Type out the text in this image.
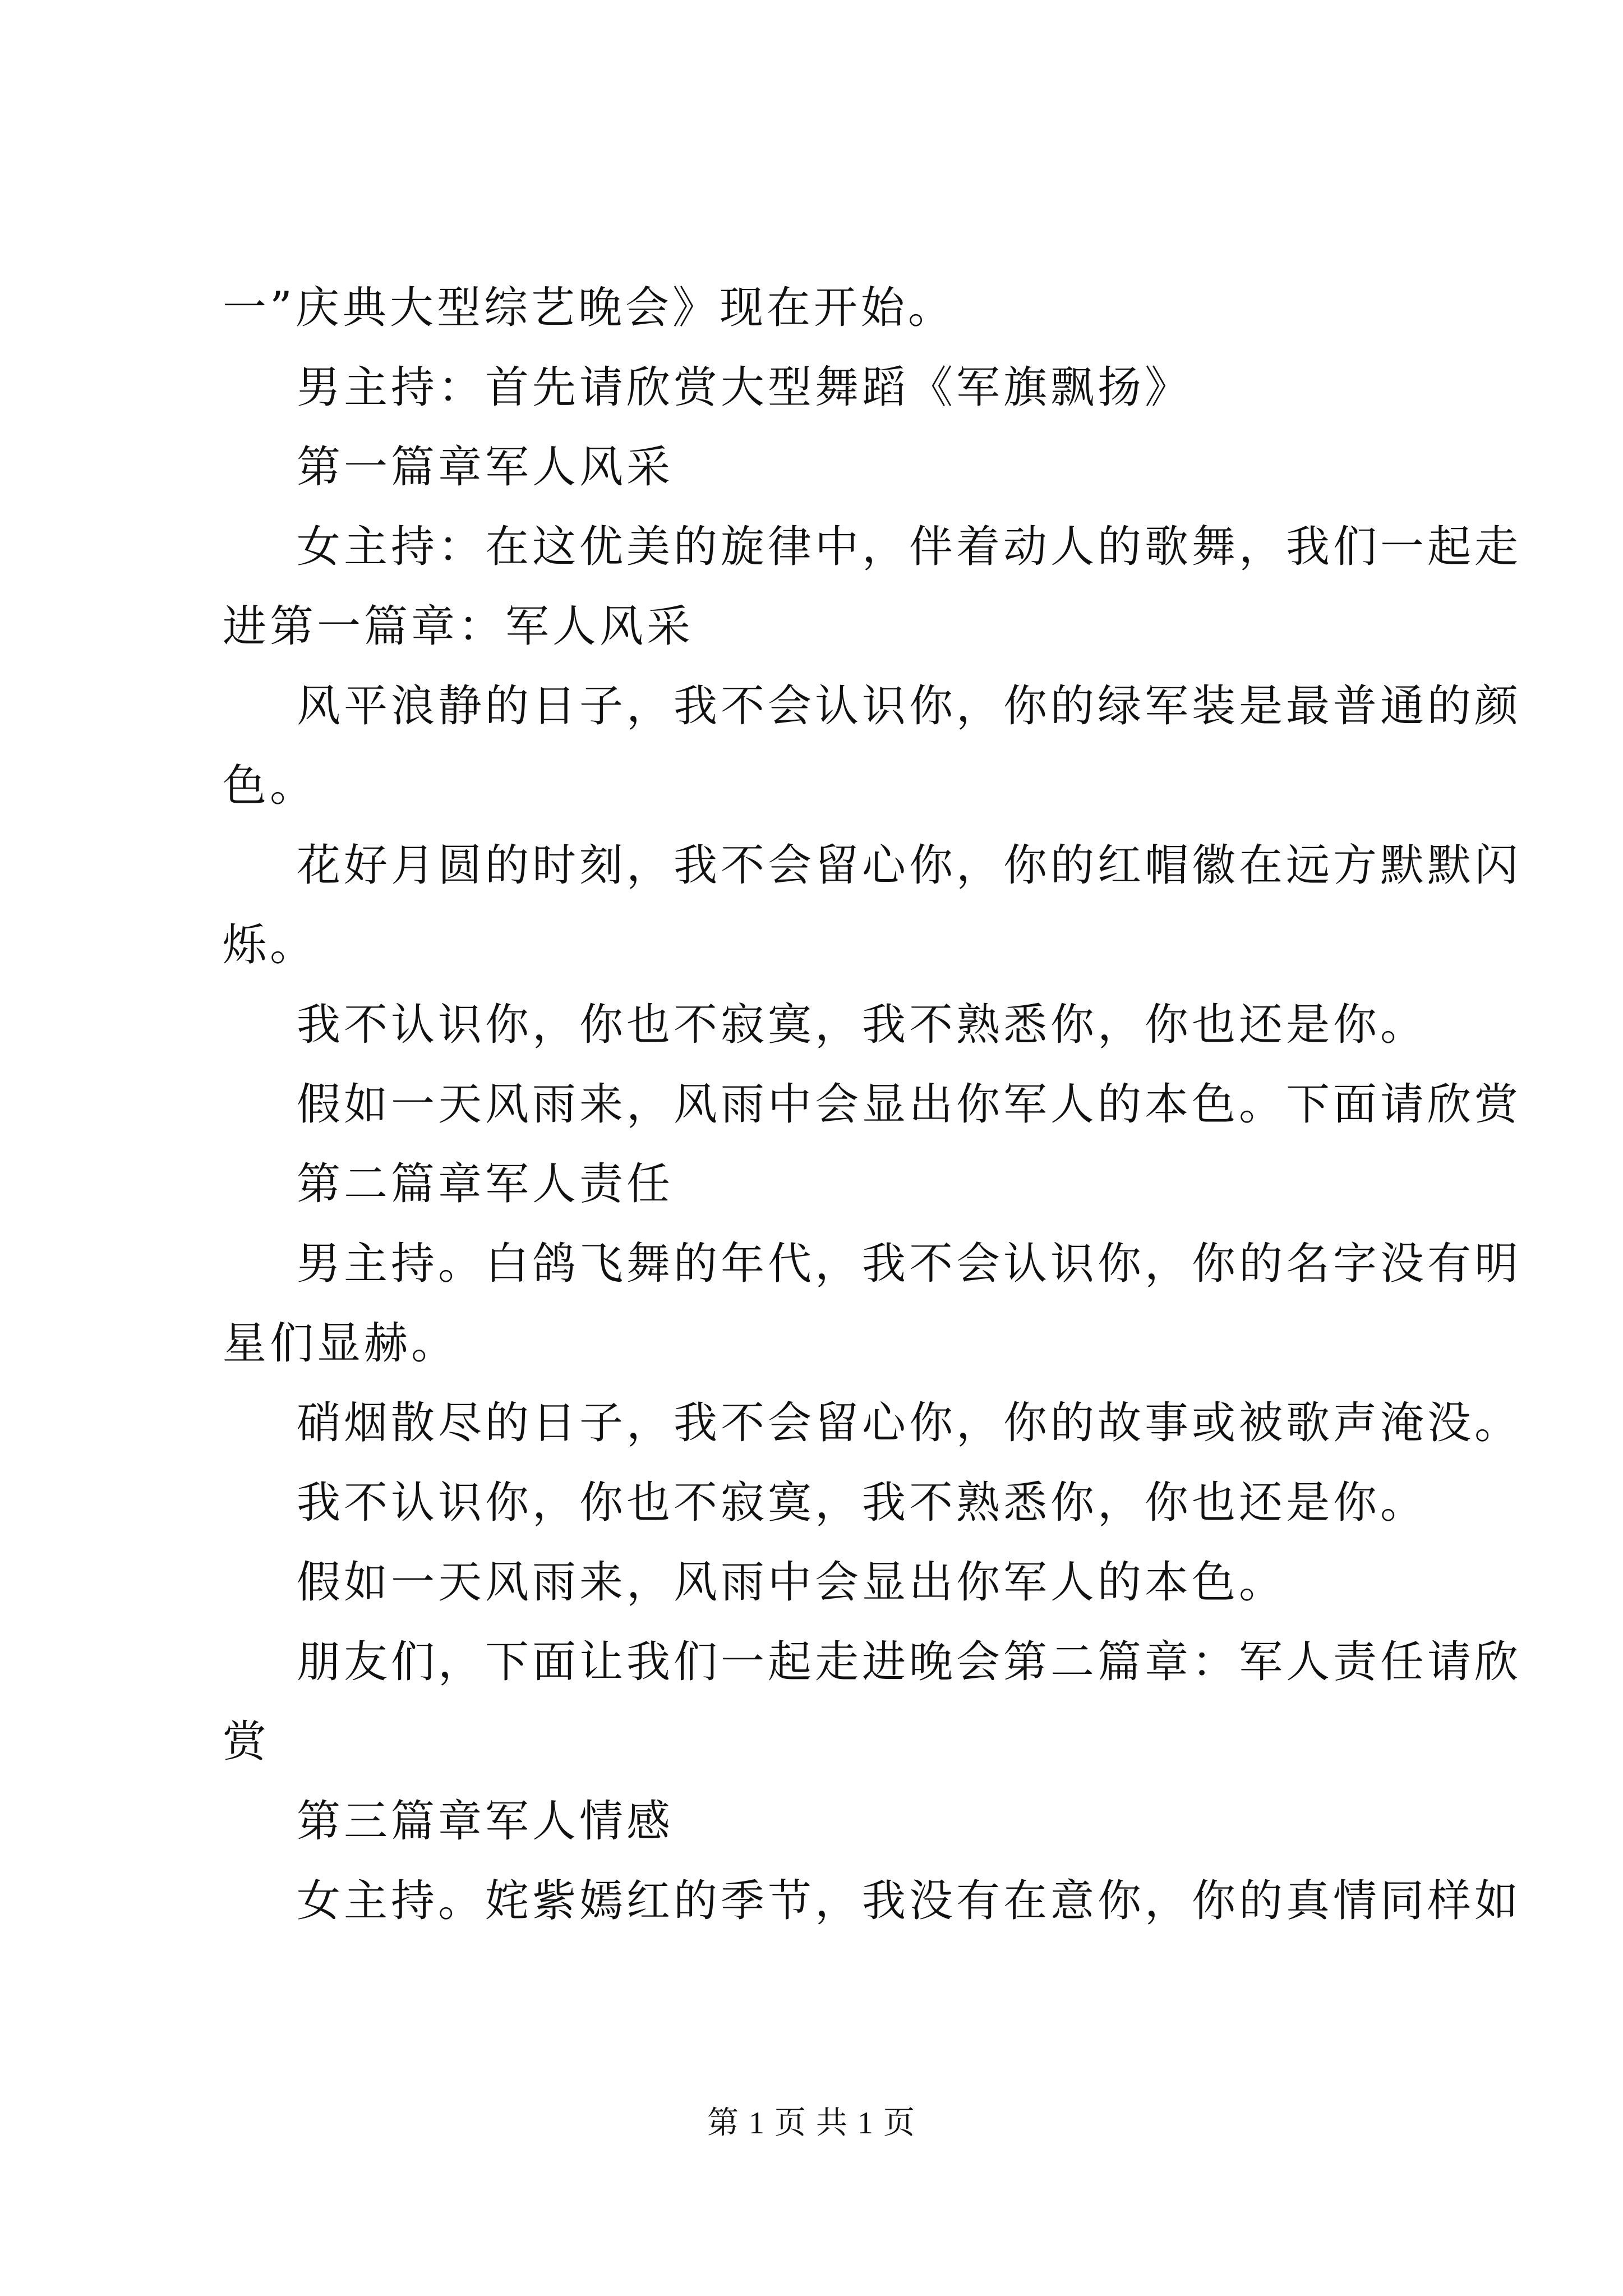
一”庆典大型综艺晚会》现在开始。

男主持：首先请欣赏大型舞蹈《军旗飘扬》

第一篇章军人风采

女主持：在这优美的旋律中，伴着动人的歌舞，我们一起走

进第一篇章：军人风采

风平浪静的日子，我不会认识你，你的绿军装是最普通的颜

色。

花好月圆的时刻，我不会留心你，你的红帽徽在远方默默闪

烁。

我不认识你，你也不寂寞，我不熟悉你，你也还是你。

假如一天风雨来，风雨中会显出你军人的本色。下面请欣赏

第二篇章军人责任

男主持。白鸽飞舞的年代，我不会认识你，你的名字没有明

星们显赫。

硝烟散尽的日子，我不会留心你，你的故事或被歌声淹没。

我不认识你，你也不寂寞，我不熟悉你，你也还是你。

假如一天风雨来，风雨中会显出你军人的本色。

朋友们，下面让我们一起走进晚会第二篇章：军人责任请欣

赏

第三篇章军人情感

女主持。姹紫嫣红的季节，我没有在意你，你的真情同样如

第 1 页 共 1 页
